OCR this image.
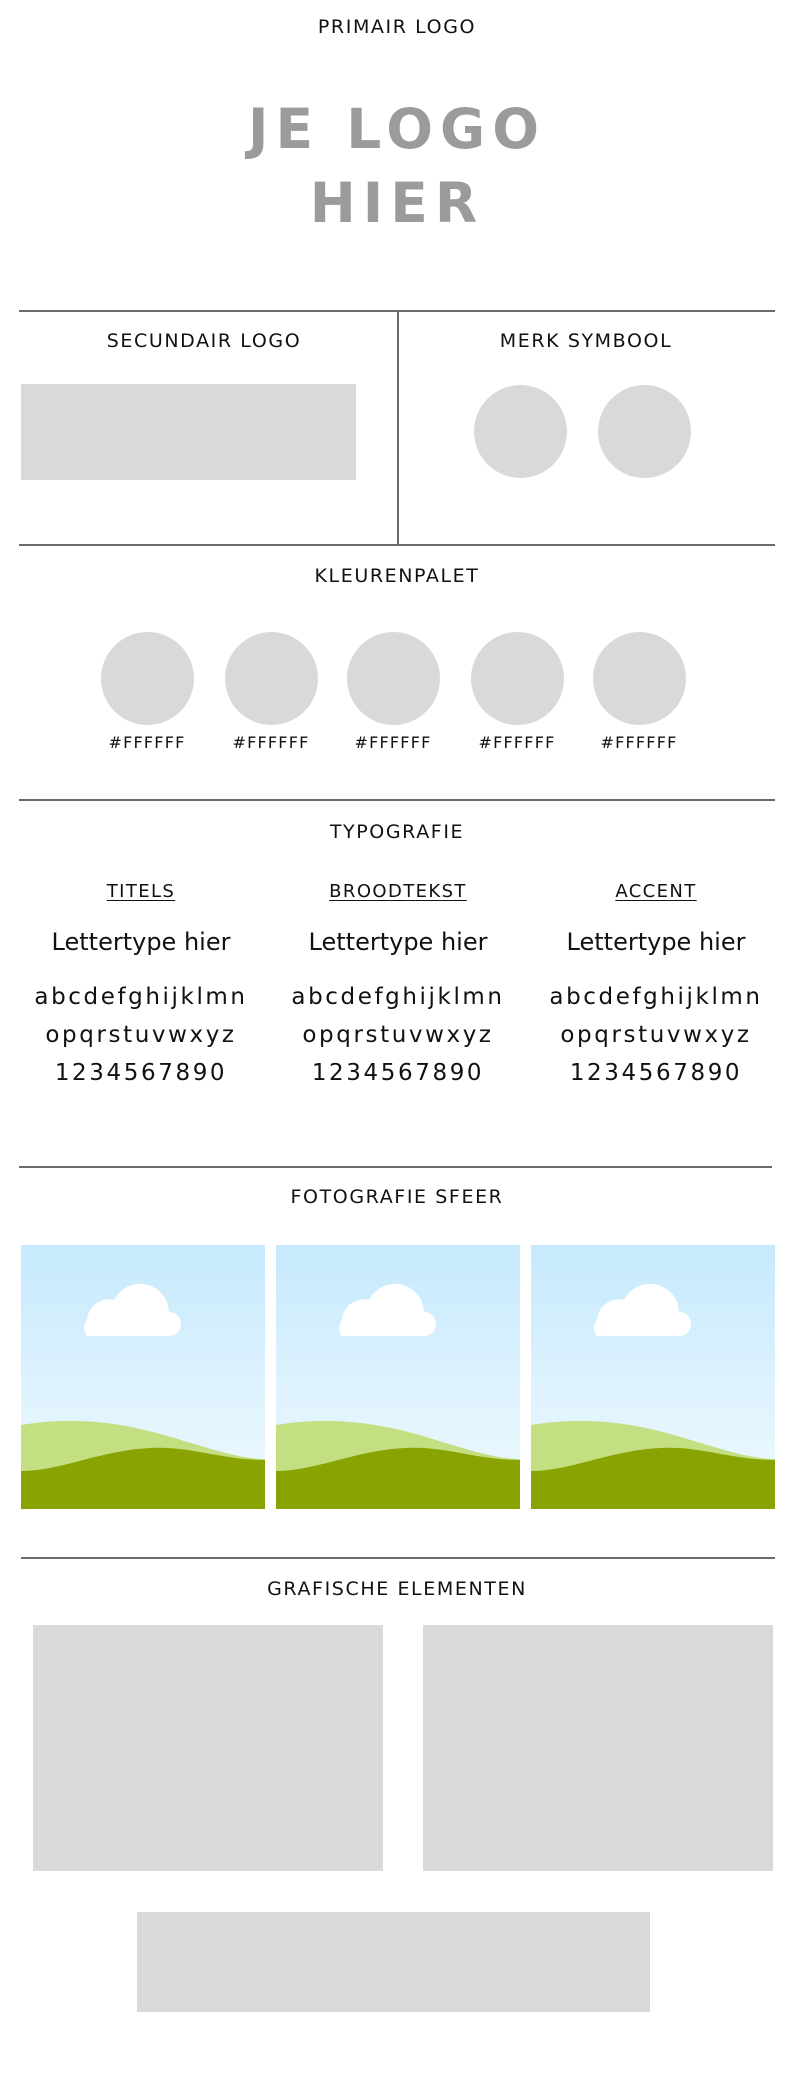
PRIMAIR LOGO
JE LOGO
HIER
SECUNDAIR LOGO	MERK SYMBOOL
KLEURENPALET
#FFFFFF	#FFFFFF	#FFFFFF	#FFFFFF	#FFFFFF
TYPOGRAFIE
TITELS
Lettertype hier
abcdefghijklmn
opqrstuvwxyz
1234567890
BROODTEKST
Lettertype hier
abcdefghijklmn
opqrstuvwxyz
1234567890
ACCENT
Lettertype hier
abcdefghijklmn
opqrstuvwxyz
1234567890
FOTOGRAFIE SFEER
GRAFISCHE ELEMENTEN
